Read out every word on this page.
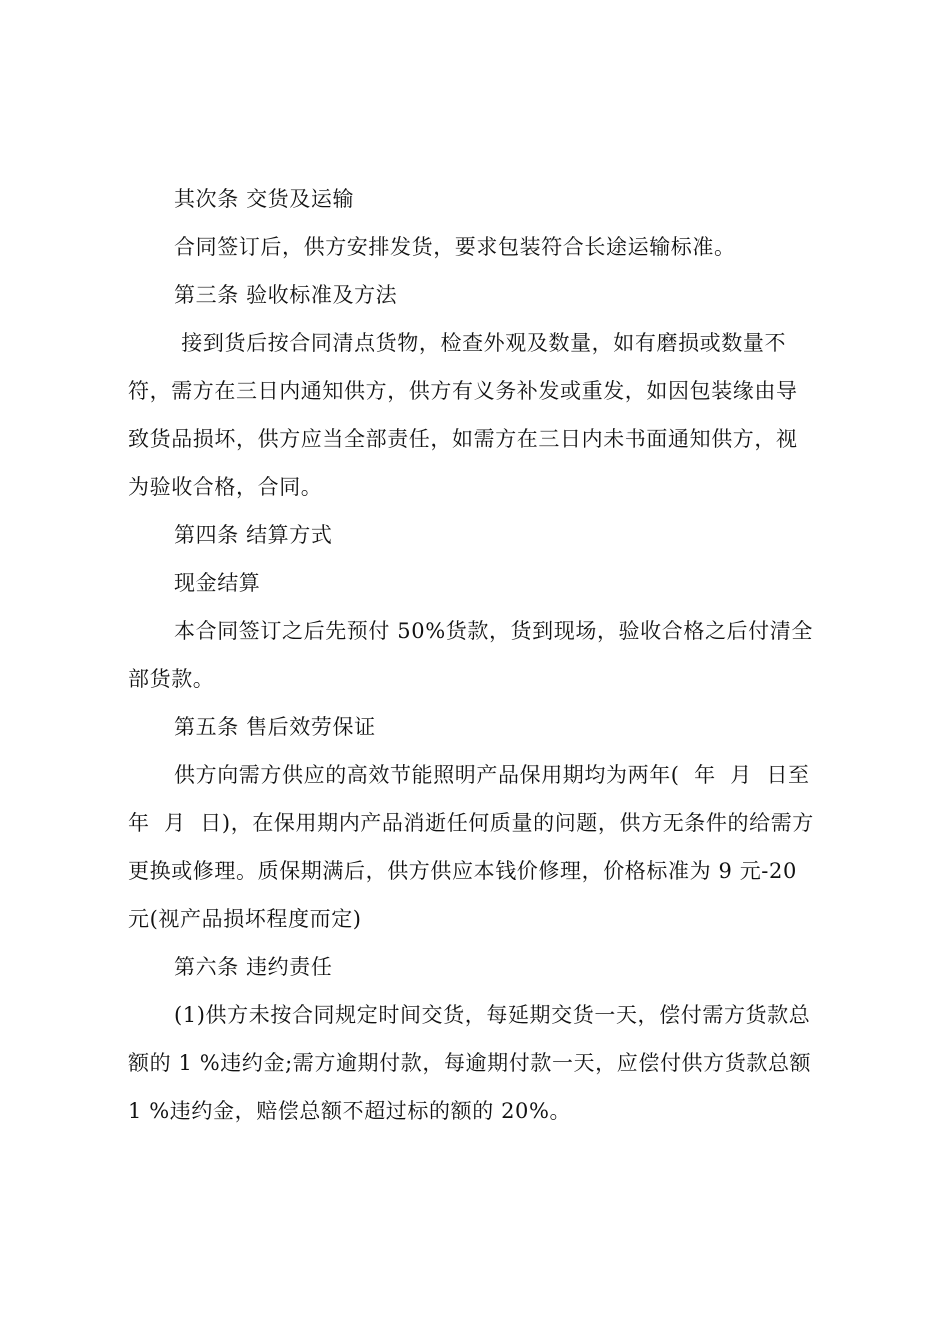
其次条 交货及运输
合同签订后，供方安排发货，要求包装符合长途运输标准。
第三条 验收标准及方法
接到货后按合同清点货物，检查外观及数量，如有磨损或数量不
符，需方在三日内通知供方，供方有义务补发或重发，如因包装缘由导
致货品损坏，供方应当全部责任，如需方在三日内未书面通知供方，视
为验收合格，合同。
第四条 结算方式
现金结算
本合同签订之后先预付 50%货款，货到现场，验收合格之后付清全
部货款。
第五条 售后效劳保证
供方向需方供应的高效节能照明产品保用期均为两年(  年  月  日至
年  月  日)，在保用期内产品消逝任何质量的问题，供方无条件的给需方
更换或修理。质保期满后，供方供应本钱价修理，价格标准为 9 元-20
元(视产品损坏程度而定)
第六条 违约责任
(1)供方未按合同规定时间交货，每延期交货一天，偿付需方货款总
额的 1 %违约金;需方逾期付款，每逾期付款一天，应偿付供方货款总额
1 %违约金，赔偿总额不超过标的额的 20%。
